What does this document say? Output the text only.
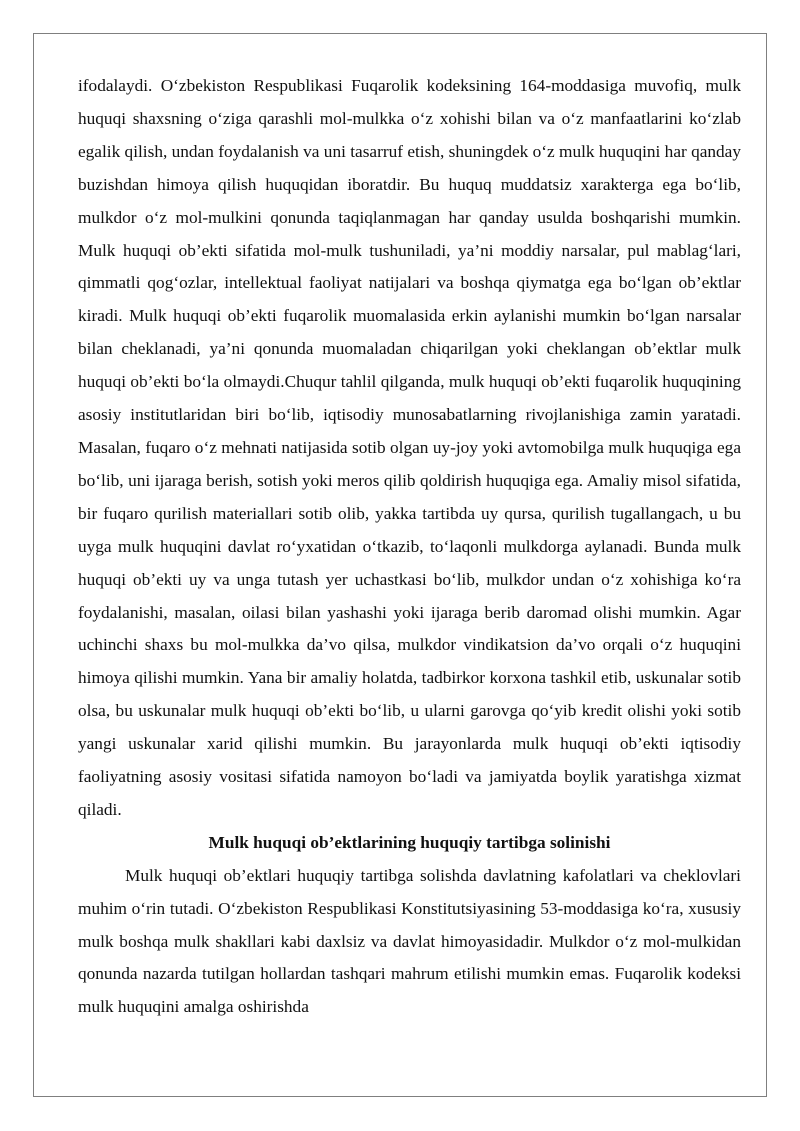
ifodalaydi. O‘zbekiston Respublikasi Fuqarolik kodeksining 164-moddasiga muvofiq, mulk huquqi shaxsning o‘ziga qarashli mol-mulkka o‘z xohishi bilan va o‘z manfaatlarini ko‘zlab egalik qilish, undan foydalanish va uni tasarruf etish, shuningdek o‘z mulk huquqini har qanday buzishdan himoya qilish huquqidan iboratdir. Bu huquq muddatsiz xarakterga ega bo‘lib, mulkdor o‘z mol-mulkini qonunda taqiqlanmagan har qanday usulda boshqarishi mumkin. Mulk huquqi ob’ekti sifatida mol-mulk tushuniladi, ya’ni moddiy narsalar, pul mablag‘lari, qimmatli qog‘ozlar, intellektual faoliyat natijalari va boshqa qiymatga ega bo‘lgan ob’ektlar kiradi. Mulk huquqi ob’ekti fuqarolik muomalasida erkin aylanishi mumkin bo‘lgan narsalar bilan cheklanadi, ya’ni qonunda muomaladan chiqarilgan yoki cheklangan ob’ektlar mulk huquqi ob’ekti bo‘la olmaydi.Chuqur tahlil qilganda, mulk huquqi ob’ekti fuqarolik huquqining asosiy institutlaridan biri bo‘lib, iqtisodiy munosabatlarning rivojlanishiga zamin yaratadi. Masalan, fuqaro o‘z mehnati natijasida sotib olgan uy-joy yoki avtomobilga mulk huquqiga ega bo‘lib, uni ijaraga berish, sotish yoki meros qilib qoldirish huquqiga ega. Amaliy misol sifatida, bir fuqaro qurilish materiallari sotib olib, yakka tartibda uy qursa, qurilish tugallangach, u bu uyga mulk huquqini davlat ro‘yxatidan o‘tkazib, to‘laqonli mulkdorga aylanadi. Bunda mulk huquqi ob’ekti uy va unga tutash yer uchastkasi bo‘lib, mulkdor undan o‘z xohishiga ko‘ra foydalanishi, masalan, oilasi bilan yashashi yoki ijaraga berib daromad olishi mumkin. Agar uchinchi shaxs bu mol-mulkka da’vo qilsa, mulkdor vindikatsion da’vo orqali o‘z huquqini himoya qilishi mumkin. Yana bir amaliy holatda, tadbirkor korxona tashkil etib, uskunalar sotib olsa, bu uskunalar mulk huquqi ob’ekti bo‘lib, u ularni garovga qo‘yib kredit olishi yoki sotib yangi uskunalar xarid qilishi mumkin. Bu jarayonlarda mulk huquqi ob’ekti iqtisodiy faoliyatning asosiy vositasi sifatida namoyon bo‘ladi va jamiyatda boylik yaratishga xizmat qiladi.

Mulk huquqi ob’ektlarining huquqiy tartibga solinishi

Mulk huquqi ob’ektlari huquqiy tartibga solishda davlatning kafolatlari va cheklovlari muhim o‘rin tutadi. O‘zbekiston Respublikasi Konstitutsiyasining 53-moddasiga ko‘ra, xususiy mulk boshqa mulk shakllari kabi daxlsiz va davlat himoyasidadir. Mulkdor o‘z mol-mulkidan qonunda nazarda tutilgan hollardan tashqari mahrum etilishi mumkin emas. Fuqarolik kodeksi mulk huquqini amalga oshirishda
